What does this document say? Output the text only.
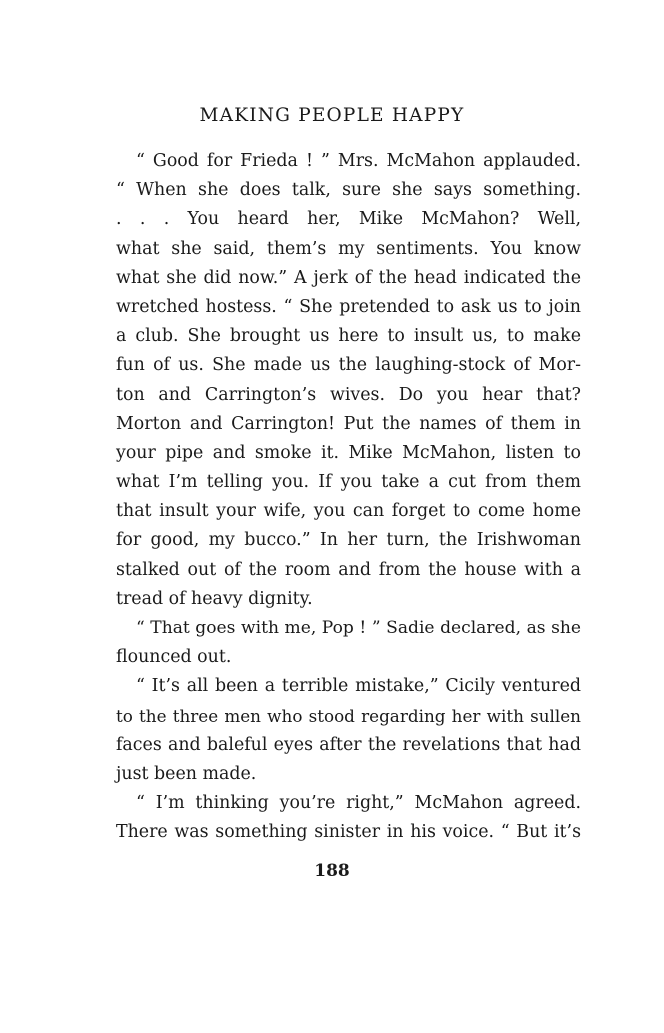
MAKING PEOPLE HAPPY
“ Good for Frieda ! ” Mrs. McMahon applauded.
“ When she does talk, sure she says something.
. . . You heard her, Mike McMahon? Well,
what she said, them’s my sentiments. You know
what she did now.” A jerk of the head indicated the
wretched hostess. “ She pretended to ask us to join
a club. She brought us here to insult us, to make
fun of us. She made us the laughing-stock of Mor-
ton and Carrington’s wives. Do you hear that?
Morton and Carrington! Put the names of them in
your pipe and smoke it. Mike McMahon, listen to
what I’m telling you. If you take a cut from them
that insult your wife, you can forget to come home
for good, my bucco.” In her turn, the Irishwoman
stalked out of the room and from the house with a
tread of heavy dignity.
“ That goes with me, Pop ! ” Sadie declared, as she
flounced out.
“ It’s all been a terrible mistake,” Cicily ventured
to the three men who stood regarding her with sullen
faces and baleful eyes after the revelations that had
just been made.
“ I’m thinking you’re right,” McMahon agreed.
There was something sinister in his voice. “ But it’s
188
